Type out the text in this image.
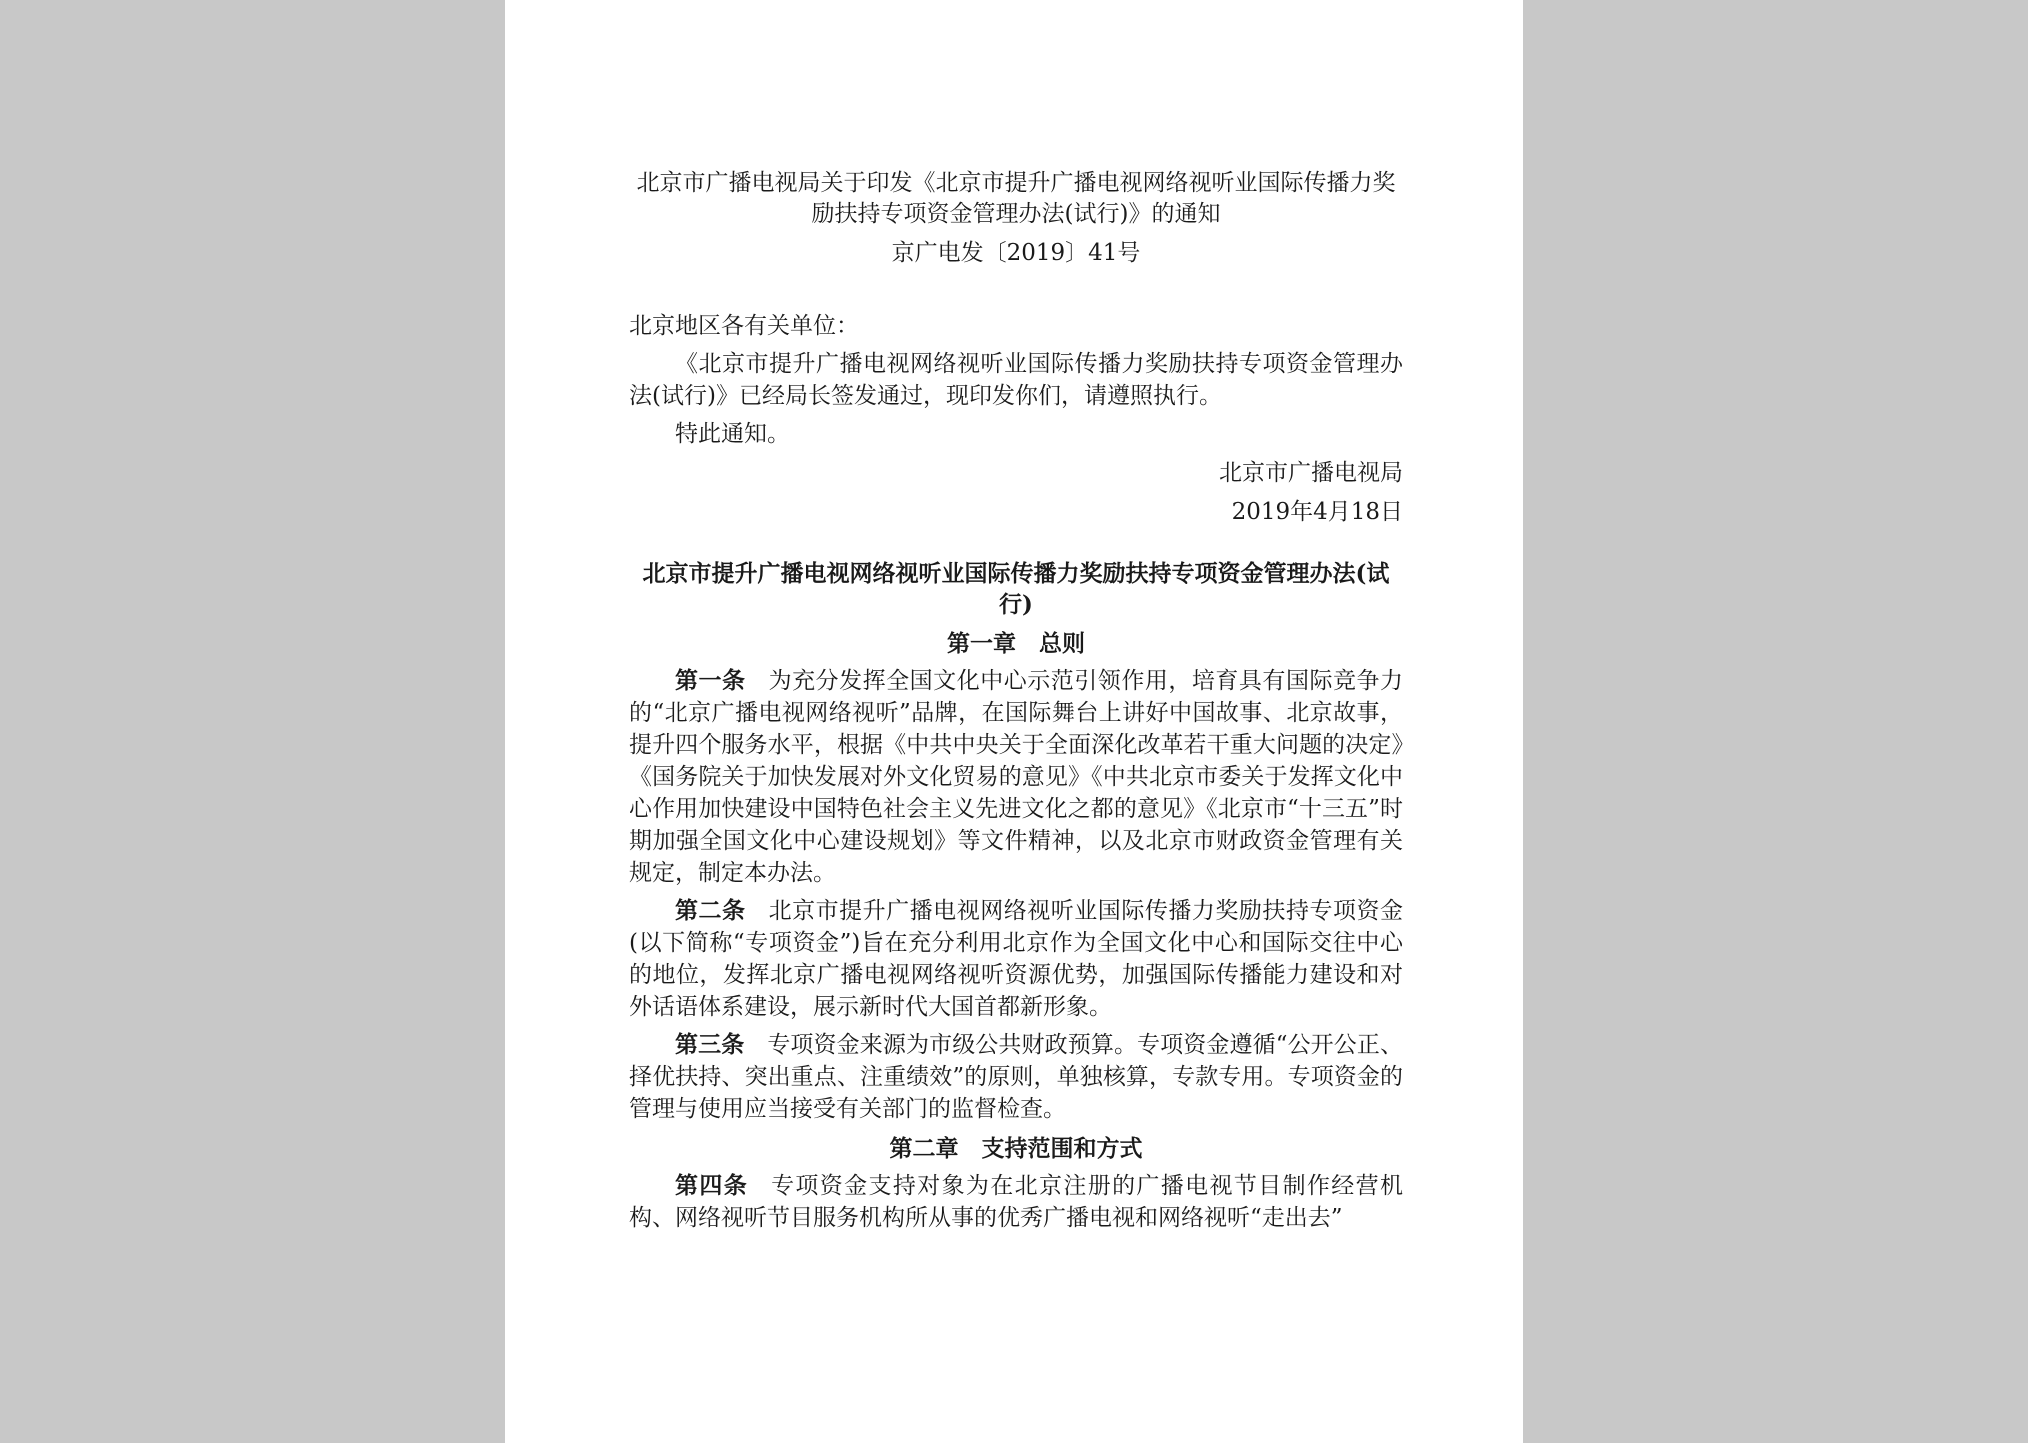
北京市广播电视局关于印发《北京市提升广播电视网络视听业国际传播力奖励扶持专项资金管理办法(试行)》的通知

京广电发〔2019〕41号

北京地区各有关单位：

《北京市提升广播电视网络视听业国际传播力奖励扶持专项资金管理办法(试行)》已经局长签发通过，现印发你们，请遵照执行。

特此通知。

北京市广播电视局

2019年4月18日

北京市提升广播电视网络视听业国际传播力奖励扶持专项资金管理办法(试行)

第一章　总则

第一条 为充分发挥全国文化中心示范引领作用，培育具有国际竞争力的“北京广播电视网络视听”品牌，在国际舞台上讲好中国故事、北京故事，提升四个服务水平，根据《中共中央关于全面深化改革若干重大问题的决定》《国务院关于加快发展对外文化贸易的意见》《中共北京市委关于发挥文化中心作用加快建设中国特色社会主义先进文化之都的意见》《北京市“十三五”时期加强全国文化中心建设规划》等文件精神，以及北京市财政资金管理有关规定，制定本办法。

第二条 北京市提升广播电视网络视听业国际传播力奖励扶持专项资金(以下简称“专项资金”)旨在充分利用北京作为全国文化中心和国际交往中心的地位，发挥北京广播电视网络视听资源优势，加强国际传播能力建设和对外话语体系建设，展示新时代大国首都新形象。

第三条 专项资金来源为市级公共财政预算。专项资金遵循“公开公正、择优扶持、突出重点、注重绩效”的原则，单独核算，专款专用。专项资金的管理与使用应当接受有关部门的监督检查。

第二章　支持范围和方式

第四条 专项资金支持对象为在北京注册的广播电视节目制作经营机构、网络视听节目服务机构所从事的优秀广播电视和网络视听“走出去”
